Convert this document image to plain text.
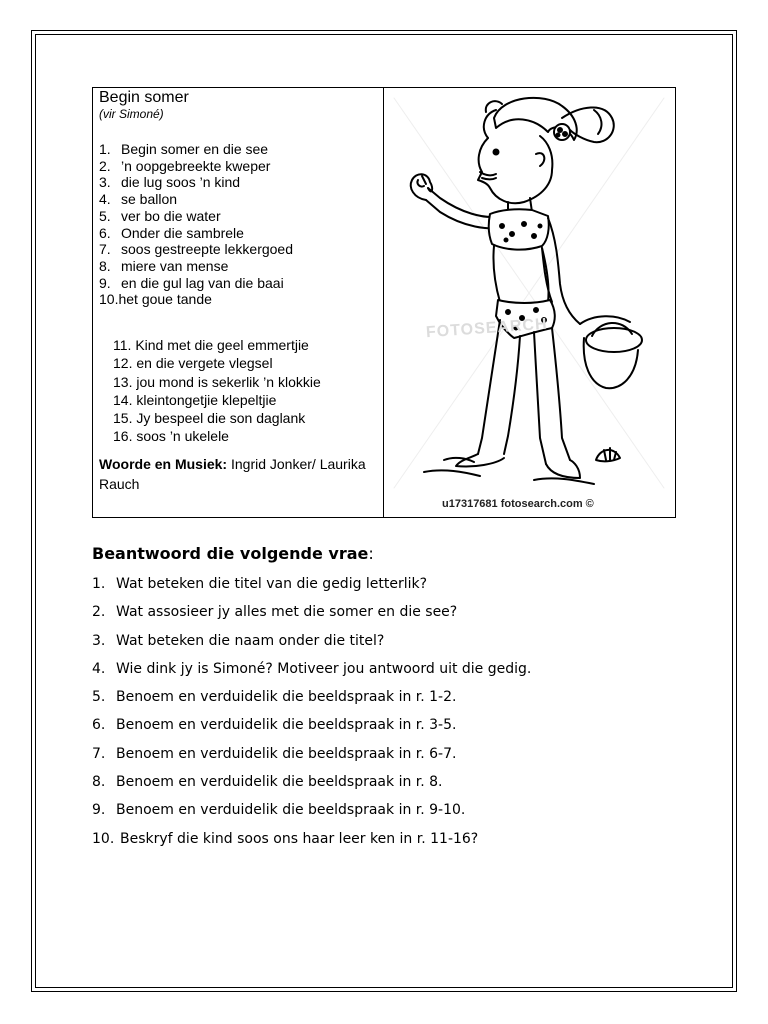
Begin somer
(vir Simoné)
1. Begin somer en die see
2. ’n oopgebreekte kweper
3. die lug soos ’n kind
4. se ballon
5. ver bo die water
6. Onder die sambrele
7. soos gestreepte lekkergoed
8. miere van mense
9. en die gul lag van die baai
10.het goue tande
11. Kind met die geel emmertjie
12. en die vergete vlegsel
13. jou mond is sekerlik ’n klokkie
14. kleintongetjie klepeltjie
15. Jy bespeel die son daglank
16. soos ’n ukelele
Woorde en Musiek: Ingrid Jonker/ Laurika Rauch
FOTOSEARCH
u17317681 fotosearch.com ©
Beantwoord die volgende vrae:
1. Wat beteken die titel van die gedig letterlik?
2. Wat assosieer jy alles met die somer en die see?
3. Wat beteken die naam onder die titel?
4. Wie dink jy is Simoné? Motiveer jou antwoord uit die gedig.
5. Benoem en verduidelik die beeldspraak in r. 1-2.
6. Benoem en verduidelik die beeldspraak in r. 3-5.
7. Benoem en verduidelik die beeldspraak in r. 6-7.
8. Benoem en verduidelik die beeldspraak in r. 8.
9. Benoem en verduidelik die beeldspraak in r. 9-10.
10. Beskryf die kind soos ons haar leer ken in r. 11-16?
